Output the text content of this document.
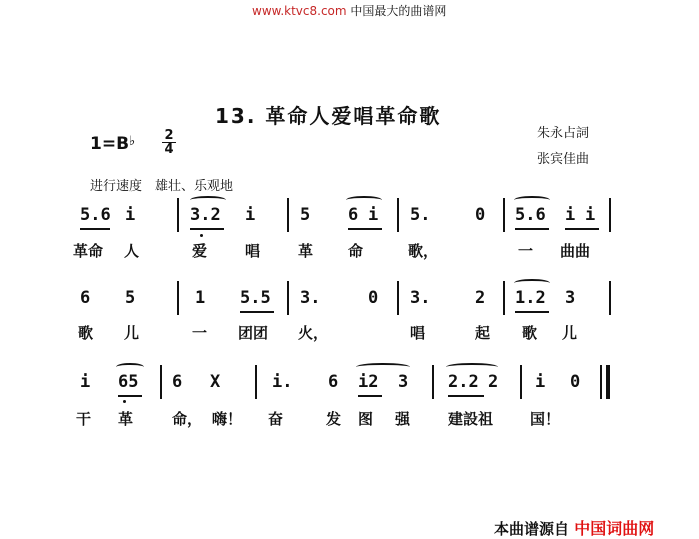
www.ktvc8.com 中国最大的曲谱网
13. 革命人爱唱革命歌
朱永占詞
张宾佳曲
1=B♭ 2
4
进行速度　雄壮、乐观地
5.6 i	3.2 i	5 6 i 5.	0 5.6 i i
革命 人	爱	唱	革 命	歌，	一 曲曲
6 5	1 5.5 3.	0 3.	2 1.2 3
歌 儿	一 团团 火，	唱	起 歌 儿
i 65 6 X	i. 6 i2 3 2.2 2 i 0
干 革	命， 嗨！ 奋	发 图 强	建設祖 国！
本曲谱源自 中国词曲网
